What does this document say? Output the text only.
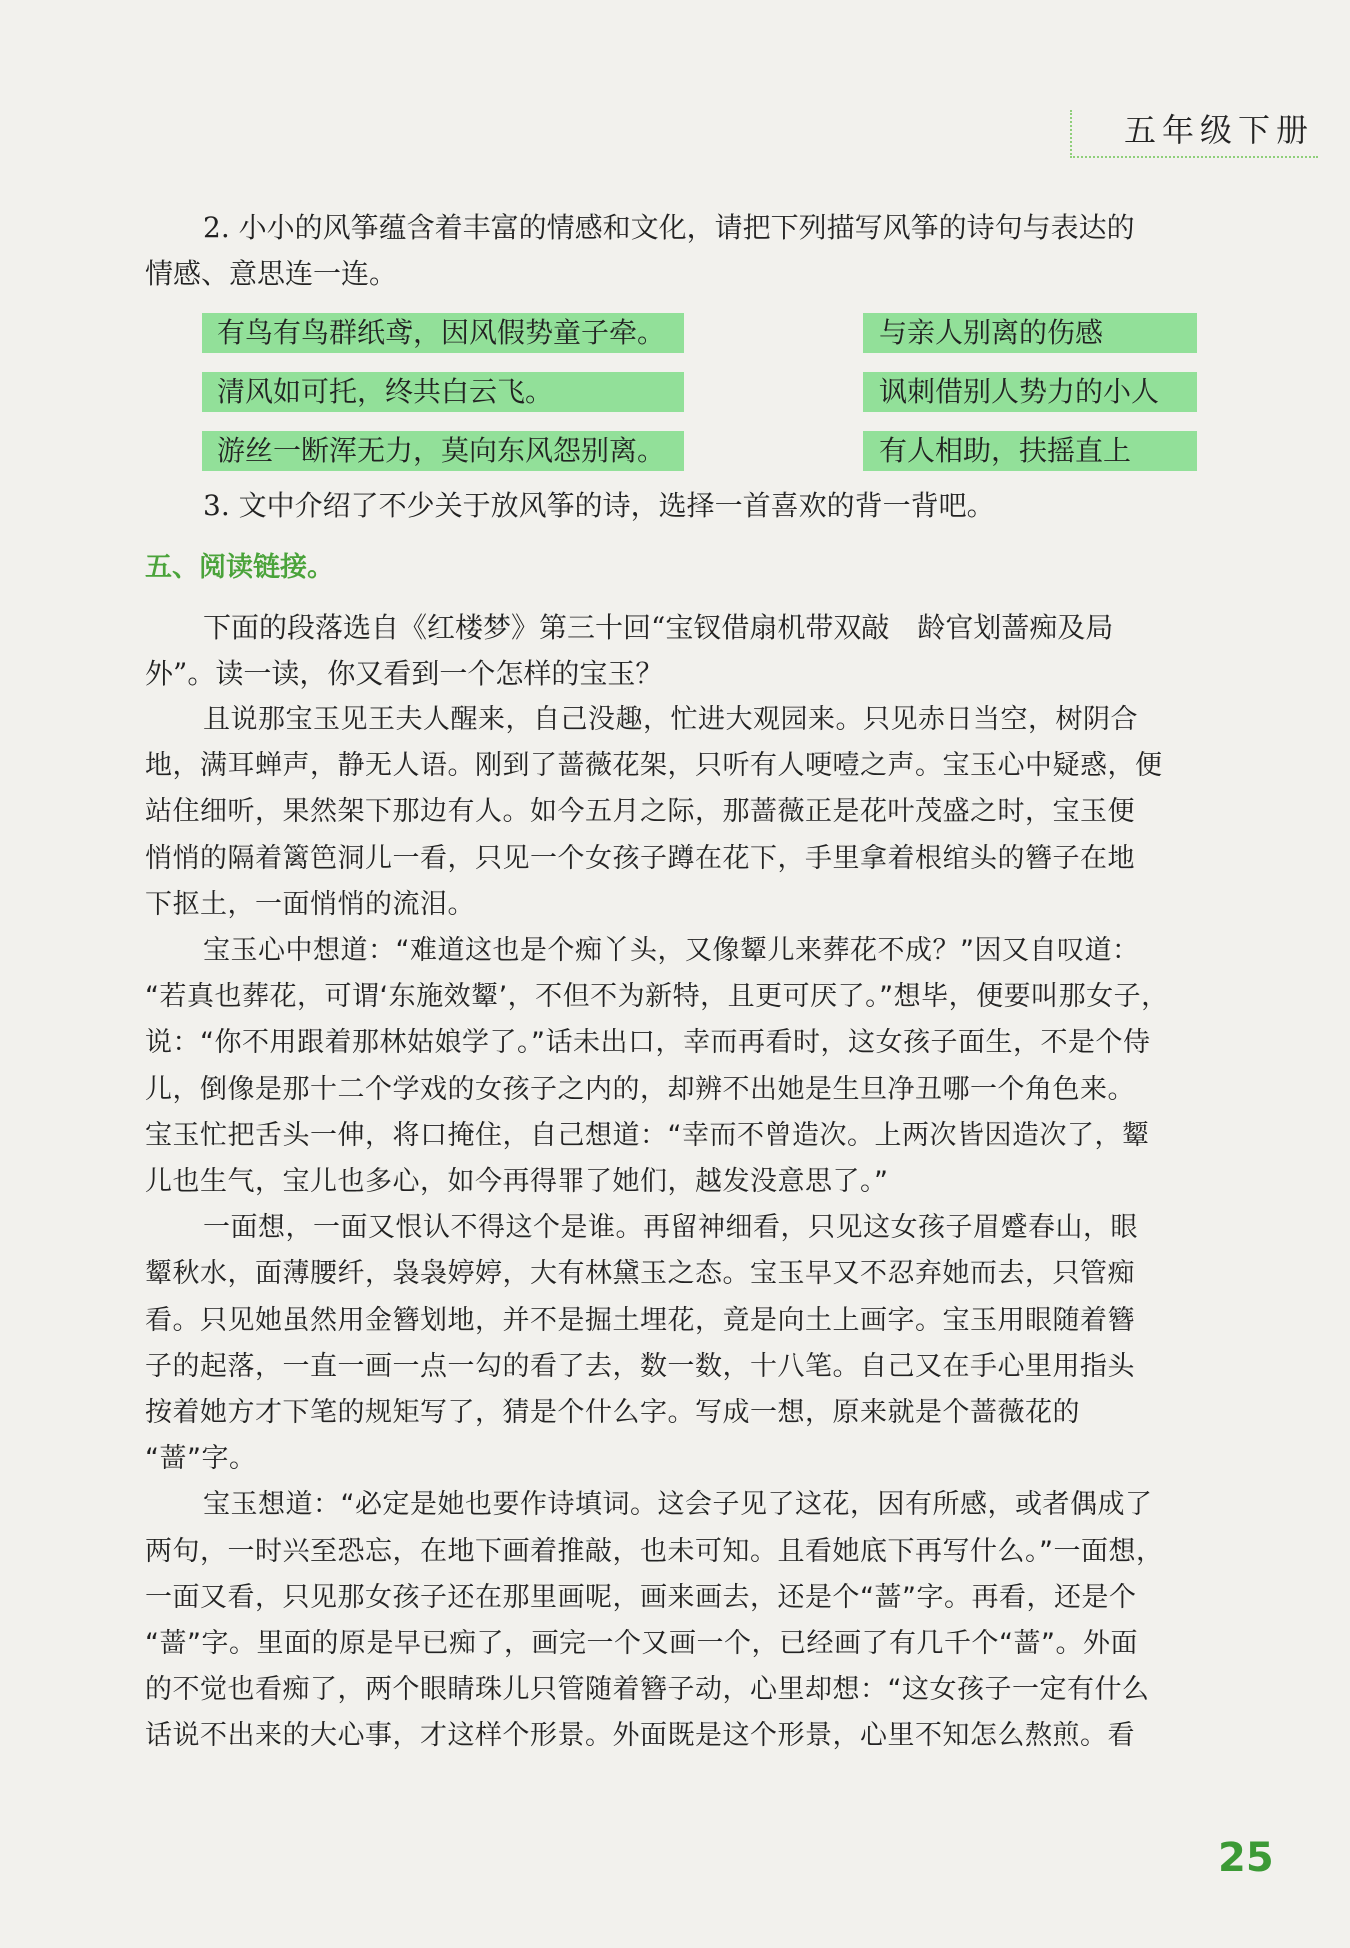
五年级下册
2. 小小的风筝蕴含着丰富的情感和文化，请把下列描写风筝的诗句与表达的
情感、意思连一连。
有鸟有鸟群纸鸢，因风假势童子牵。
清风如可托，终共白云飞。
游丝一断浑无力，莫向东风怨别离。
与亲人别离的伤感
讽刺借别人势力的小人
有人相助，扶摇直上
3. 文中介绍了不少关于放风筝的诗，选择一首喜欢的背一背吧。
五、阅读链接。
下面的段落选自《红楼梦》第三十回“宝钗借扇机带双敲　龄官划蔷痴及局
外”。读一读，你又看到一个怎样的宝玉？
且说那宝玉见王夫人醒来，自己没趣，忙进大观园来。只见赤日当空，树阴合
地，满耳蝉声，静无人语。刚到了蔷薇花架，只听有人哽噎之声。宝玉心中疑惑，便
站住细听，果然架下那边有人。如今五月之际，那蔷薇正是花叶茂盛之时，宝玉便
悄悄的隔着篱笆洞儿一看，只见一个女孩子蹲在花下，手里拿着根绾头的簪子在地
下抠土，一面悄悄的流泪。
宝玉心中想道：“难道这也是个痴丫头，又像颦儿来葬花不成？”因又自叹道：
“若真也葬花，可谓‘东施效颦’，不但不为新特，且更可厌了。”想毕，便要叫那女子，
说：“你不用跟着那林姑娘学了。”话未出口，幸而再看时，这女孩子面生，不是个侍
儿，倒像是那十二个学戏的女孩子之内的，却辨不出她是生旦净丑哪一个角色来。
宝玉忙把舌头一伸，将口掩住，自己想道：“幸而不曾造次。上两次皆因造次了，颦
儿也生气，宝儿也多心，如今再得罪了她们，越发没意思了。”
一面想，一面又恨认不得这个是谁。再留神细看，只见这女孩子眉蹙春山，眼
颦秋水，面薄腰纤，袅袅婷婷，大有林黛玉之态。宝玉早又不忍弃她而去，只管痴
看。只见她虽然用金簪划地，并不是掘土埋花，竟是向土上画字。宝玉用眼随着簪
子的起落，一直一画一点一勾的看了去，数一数，十八笔。自己又在手心里用指头
按着她方才下笔的规矩写了，猜是个什么字。写成一想，原来就是个蔷薇花的
“蔷”字。
宝玉想道：“必定是她也要作诗填词。这会子见了这花，因有所感，或者偶成了
两句，一时兴至恐忘，在地下画着推敲，也未可知。且看她底下再写什么。”一面想，
一面又看，只见那女孩子还在那里画呢，画来画去，还是个“蔷”字。再看，还是个
“蔷”字。里面的原是早已痴了，画完一个又画一个，已经画了有几千个“蔷”。外面
的不觉也看痴了，两个眼睛珠儿只管随着簪子动，心里却想：“这女孩子一定有什么
话说不出来的大心事，才这样个形景。外面既是这个形景，心里不知怎么熬煎。看
25
